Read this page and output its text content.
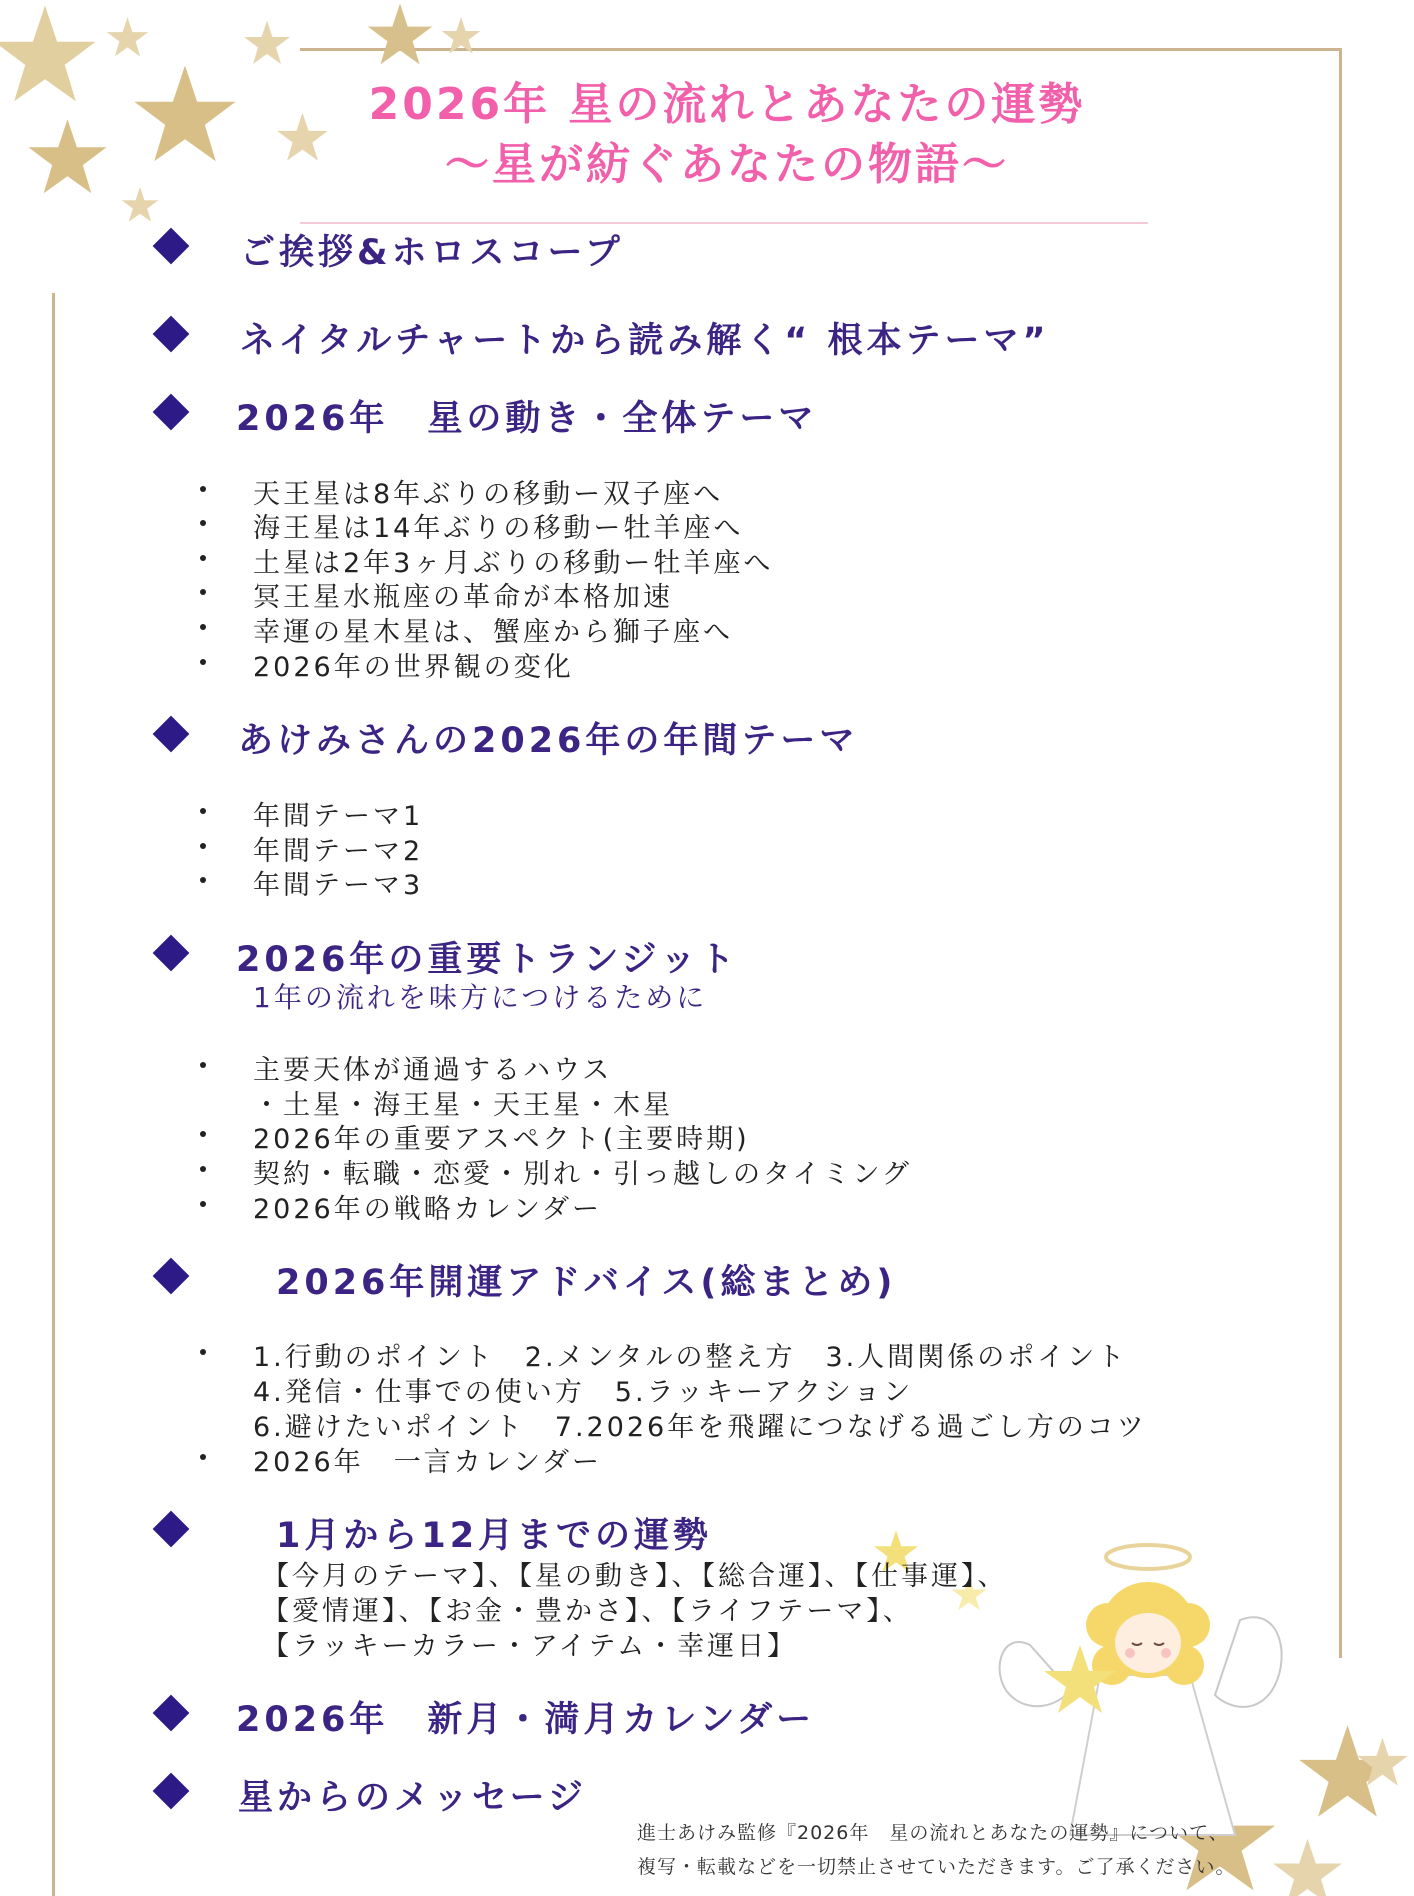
2026年 星の流れとあなたの運勢
〜星が紡ぐあなたの物語〜
ご挨拶&ホロスコープ
ネイタルチャートから読み解く“ 根本テーマ”
2026年　星の動き・全体テーマ
天王星は8年ぶりの移動ー双子座へ
海王星は14年ぶりの移動ー牡羊座へ
土星は2年3ヶ月ぶりの移動ー牡羊座へ
冥王星水瓶座の革命が本格加速
幸運の星木星は、蟹座から獅子座へ
2026年の世界観の変化
あけみさんの2026年の年間テーマ
年間テーマ1
年間テーマ2
年間テーマ3
2026年の重要トランジット
1年の流れを味方につけるために
主要天体が通過するハウス
・土星・海王星・天王星・木星
2026年の重要アスペクト(主要時期)
契約・転職・恋愛・別れ・引っ越しのタイミング
2026年の戦略カレンダー
2026年開運アドバイス(総まとめ)
1.行動のポイント　2.メンタルの整え方　3.人間関係のポイント
4.発信・仕事での使い方　5.ラッキーアクション
6.避けたいポイント　7.2026年を飛躍につなげる過ごし方のコツ
2026年　一言カレンダー
1月から12月までの運勢
【今月のテーマ】、【星の動き】、【総合運】、【仕事運】、
【愛情運】、【お金・豊かさ】、【ライフテーマ】、
【ラッキーカラー・アイテム・幸運日】
2026年　新月・満月カレンダー
星からのメッセージ
進士あけみ監修『2026年　星の流れとあなたの運勢』について、
複写・転載などを一切禁止させていただきます。ご了承ください。
